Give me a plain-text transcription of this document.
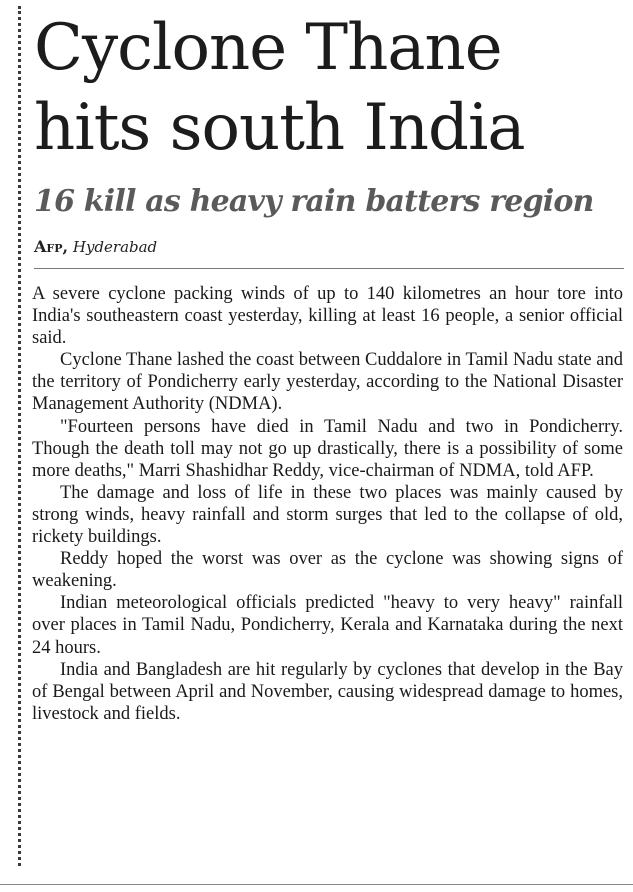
Cyclone Thane
hits south India
16 kill as heavy rain batters region
Afp, Hyderabad

A severe cyclone packing winds of up to 140 kilometres an hour tore into India's southeastern coast yesterday, killing at least 16 people, a senior official said.

Cyclone Thane lashed the coast between Cuddalore in Tamil Nadu state and the territory of Pondicherry early yesterday, according to the National Disaster Management Authority (NDMA).

"Fourteen persons have died in Tamil Nadu and two in Pondicherry. Though the death toll may not go up drastically, there is a possibility of some more deaths," Marri Shashidhar Reddy, vice-chairman of NDMA, told AFP.

The damage and loss of life in these two places was mainly caused by strong winds, heavy rainfall and storm surges that led to the collapse of old, rickety buildings.

Reddy hoped the worst was over as the cyclone was showing signs of weakening.

Indian meteorological officials predicted "heavy to very heavy" rainfall over places in Tamil Nadu, Pondicherry, Kerala and Karnataka during the next 24 hours.

India and Bangladesh are hit regularly by cyclones that develop in the Bay of Bengal between April and November, causing widespread damage to homes, livestock and fields.
